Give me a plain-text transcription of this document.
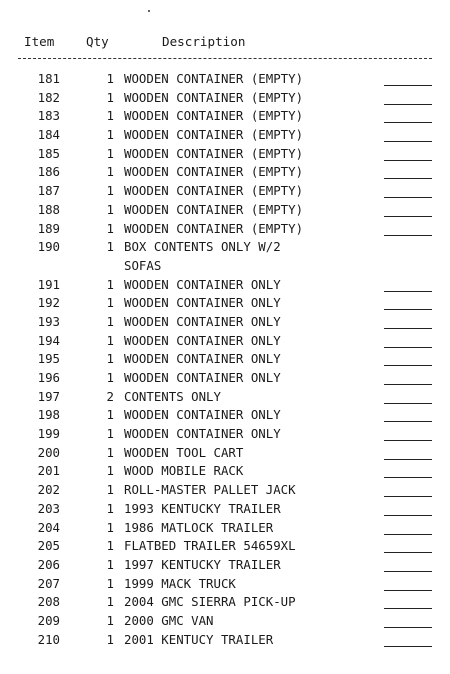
Item	Qty	Description
181	1 WOODEN CONTAINER (EMPTY)
182	1 WOODEN CONTAINER (EMPTY)
183	1 WOODEN CONTAINER (EMPTY)
184	1 WOODEN CONTAINER (EMPTY)
185	1 WOODEN CONTAINER (EMPTY)
186	1 WOODEN CONTAINER (EMPTY)
187	1 WOODEN CONTAINER (EMPTY)
188	1 WOODEN CONTAINER (EMPTY)
189	1 WOODEN CONTAINER (EMPTY)
190	1 BOX CONTENTS ONLY W/2
SOFAS
191	1 WOODEN CONTAINER ONLY
192	1 WOODEN CONTAINER ONLY
193	1 WOODEN CONTAINER ONLY
194	1 WOODEN CONTAINER ONLY
195	1 WOODEN CONTAINER ONLY
196	1 WOODEN CONTAINER ONLY
197	2 CONTENTS ONLY
198	1 WOODEN CONTAINER ONLY
199	1 WOODEN CONTAINER ONLY
200	1 WOODEN TOOL CART
201	1 WOOD MOBILE RACK
202	1 ROLL-MASTER PALLET JACK
203	1 1993 KENTUCKY TRAILER
204	1 1986 MATLOCK TRAILER
205	1 FLATBED TRAILER 54659XL
206	1 1997 KENTUCKY TRAILER
207	1 1999 MACK TRUCK
208	1 2004 GMC SIERRA PICK-UP
209	1 2000 GMC VAN
210	1 2001 KENTUCY TRAILER
